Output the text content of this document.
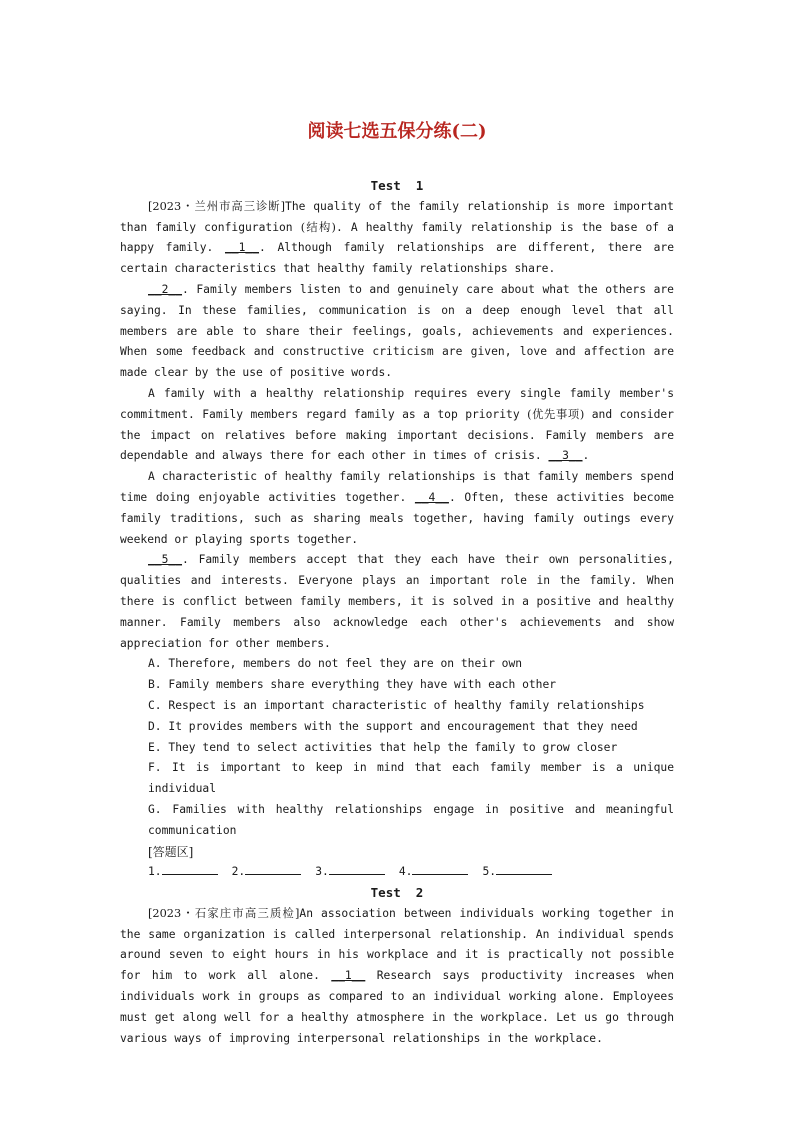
阅读七选五保分练(二)
Test  1

[2023・兰州市高三诊断]The quality of the family relationship is more important than family configuration (结构). A healthy family relationship is the base of a happy family. __1__. Although family relationships are different, there are certain characteristics that healthy family relationships share.

__2__. Family members listen to and genuinely care about what the others are saying. In these families, communication is on a deep enough level that all members are able to share their feelings, goals, achievements and experiences. When some feedback and constructive criticism are given, love and affection are made clear by the use of positive words.

A family with a healthy relationship requires every single family member's commitment. Family members regard family as a top priority (优先事项) and consider the impact on relatives before making important decisions. Family members are dependable and always there for each other in times of crisis. __3__.

A characteristic of healthy family relationships is that family members spend time doing enjoyable activities together. __4__. Often, these activities become family traditions, such as sharing meals together, having family outings every weekend or playing sports together.

__5__. Family members accept that they each have their own personalities, qualities and interests. Everyone plays an important role in the family. When there is conflict between family members, it is solved in a positive and healthy manner. Family members also acknowledge each other's achievements and show appreciation for other members.

A. Therefore, members do not feel they are on their own
B. Family members share everything they have with each other
C. Respect is an important characteristic of healthy family relationships
D. It provides members with the support and encouragement that they need
E. They tend to select activities that help the family to grow closer
F. It is important to keep in mind that each family member is a unique individual
G. Families with healthy relationships engage in positive and meaningful communication
[答题区]
1.	2.	3.	4.	5.
Test  2

[2023・石家庄市高三质检]An association between individuals working together in the same organization is called interpersonal relationship. An individual spends around seven to eight hours in his workplace and it is practically not possible for him to work all alone. __1__ Research says productivity increases when individuals work in groups as compared to an individual working alone. Employees must get along well for a healthy atmosphere in the workplace. Let us go through various ways of improving interpersonal relationships in the workplace.
